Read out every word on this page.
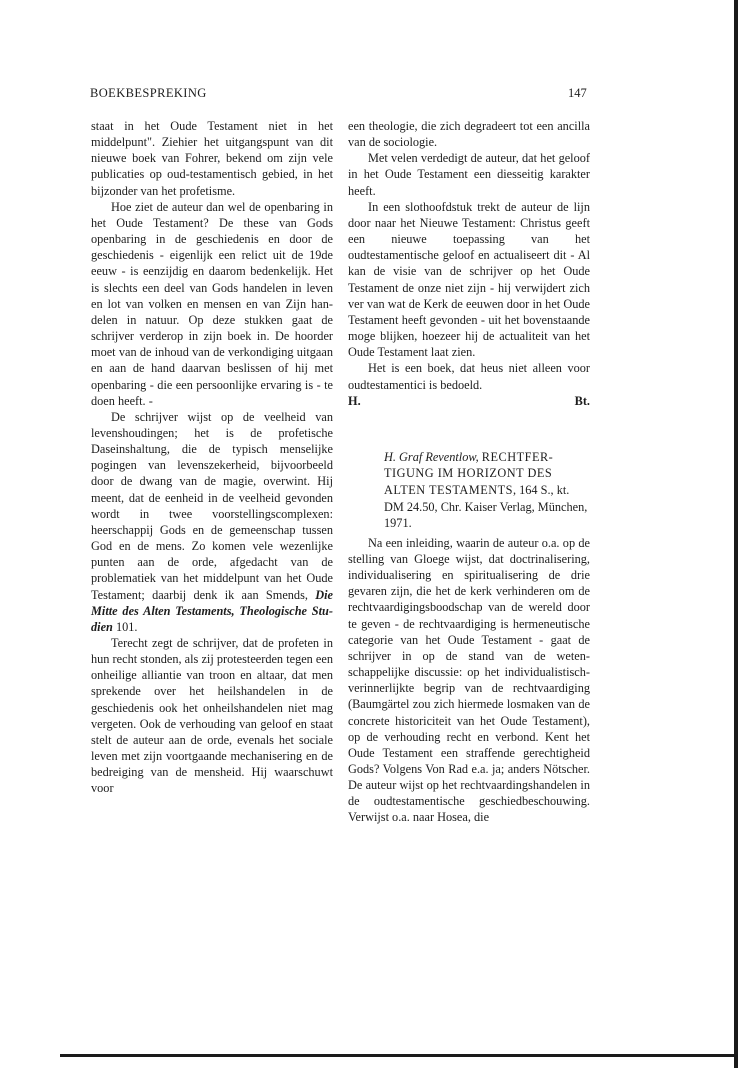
BOEKBESPREKING	147

staat in het Oude Testament niet in het middelpunt". Ziehier het uitgangspunt van dit nieuwe boek van Fohrer, bekend om zijn vele publicaties op oud-testamentisch gebied, in het bijzonder van het profetisme.

Hoe ziet de auteur dan wel de openbaring in het Oude Testament? De these van Gods openbaring in de geschiedenis en door de geschiedenis - eigenlijk een relict uit de 19de eeuw - is eenzijdig en daarom bedenkelijk. Het is slechts een deel van Gods handelen in leven en lot van volken en mensen en van Zijn handelen in natuur. Op deze stukken gaat de schrijver verderop in zijn boek in. De hoorder moet van de inhoud van de verkondiging uitgaan en aan de hand daarvan beslissen of hij met openbaring - die een persoonlijke ervaring is - te doen heeft. -

De schrijver wijst op de veelheid van levenshoudingen; het is de profetische Daseinshaltung, die de typisch menselijke pogingen van levenszekerheid, bijvoorbeeld door de dwang van de magie, overwint. Hij meent, dat de eenheid in de veelheid gevonden wordt in twee voorstellingscomplexen: heerschappij Gods en de gemeenschap tussen God en de mens. Zo komen vele wezenlijke punten aan de orde, afgedacht van de problematiek van het middelpunt van het Oude Testament; daarbij denk ik aan Smends, Die Mitte des Alten Testaments, Theologische Studien 101.

Terecht zegt de schrijver, dat de profeten in hun recht stonden, als zij protesteerden tegen een onheilige alliantie van troon en altaar, dat men sprekende over het heilshandelen in de geschiedenis ook het onheilshandelen niet mag vergeten. Ook de verhouding van geloof en staat stelt de auteur aan de orde, evenals het sociale leven met zijn voortgaande mechanisering en de bedreiging van de mensheid. Hij waarschuwt voor

een theologie, die zich degradeert tot een ancilla van de sociologie.

Met velen verdedigt de auteur, dat het geloof in het Oude Testament een diesseitig karakter heeft.

In een slothoofdstuk trekt de auteur de lijn door naar het Nieuwe Testament: Christus geeft een nieuwe toepassing van het oudtestamentische geloof en actualiseert dit - Al kan de visie van de schrijver op het Oude Testament de onze niet zijn - hij verwijdert zich ver van wat de Kerk de eeuwen door in het Oude Testament heeft gevonden - uit het bovenstaande moge blijken, hoezeer hij de actualiteit van het Oude Testament laat zien.

Het is een boek, dat heus niet alleen voor oudtestamentici is bedoeld.

H.	Bt.
H. Graf Reventlow, RECHTFERTIGUNG IM HORIZONT DES ALTEN TESTAMENTS, 164 S., kt. DM 24.50, Chr. Kaiser Verlag, München, 1971.

Na een inleiding, waarin de auteur o.a. op de stelling van Gloege wijst, dat doctrinalisering, individualisering en spiritualisering de drie gevaren zijn, die het de kerk verhinderen om de rechtvaardigingsboodschap van de wereld door te geven - de rechtvaardiging is hermeneutische categorie van het Oude Testament - gaat de schrijver in op de stand van de wetenschappelijke discussie: op het individualistisch-verinnerlijkte begrip van de rechtvaardiging (Baumgärtel zou zich hiermede losmaken van de concrete historiciteit van het Oude Testament), op de verhouding recht en verbond. Kent het Oude Testament een straffende gerechtigheid Gods? Volgens Von Rad e.a. ja; anders Nötscher. De auteur wijst op het rechtvaardingshandelen in de oudtestamentische geschiedbeschouwing. Verwijst o.a. naar Hosea, die
